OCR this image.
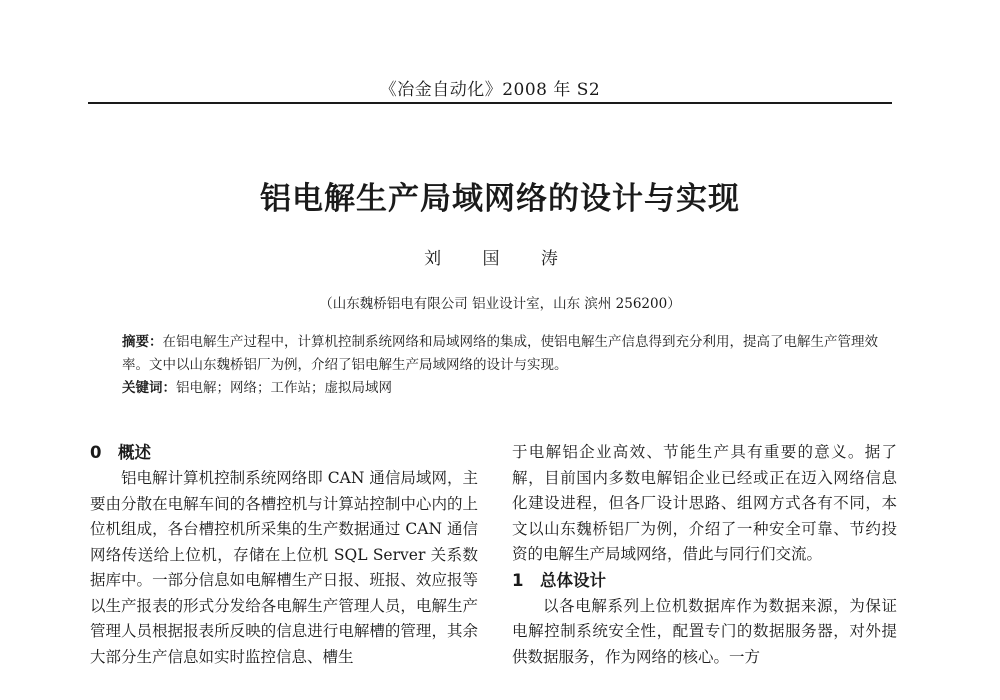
《冶金自动化》2008 年 S2
铝电解生产局域网络的设计与实现
刘 国 涛
（山东魏桥铝电有限公司 铝业设计室，山东 滨州 256200）

摘要：在铝电解生产过程中，计算机控制系统网络和局域网络的集成，使铝电解生产信息得到充分利用，提高了电解生产管理效率。文中以山东魏桥铝厂为例，介绍了铝电解生产局域网络的设计与实现。

关键词：铝电解；网络；工作站；虚拟局域网

0 概述

铝电解计算机控制系统网络即 CAN 通信局域网，主要由分散在电解车间的各槽控机与计算站控制中心内的上位机组成，各台槽控机所采集的生产数据通过 CAN 通信网络传送给上位机，存储在上位机 SQL Server 关系数据库中。一部分信息如电解槽生产日报、班报、效应报等以生产报表的形式分发给各电解生产管理人员，电解生产管理人员根据报表所反映的信息进行电解槽的管理，其余大部分生产信息如实时监控信息、槽生

于电解铝企业高效、节能生产具有重要的意义。据了解，目前国内多数电解铝企业已经或正在迈入网络信息化建设进程，但各厂设计思路、组网方式各有不同，本文以山东魏桥铝厂为例，介绍了一种安全可靠、节约投资的电解生产局域网络，借此与同行们交流。

1 总体设计

以各电解系列上位机数据库作为数据来源，为保证电解控制系统安全性，配置专门的数据服务器，对外提供数据服务，作为网络的核心。一方
